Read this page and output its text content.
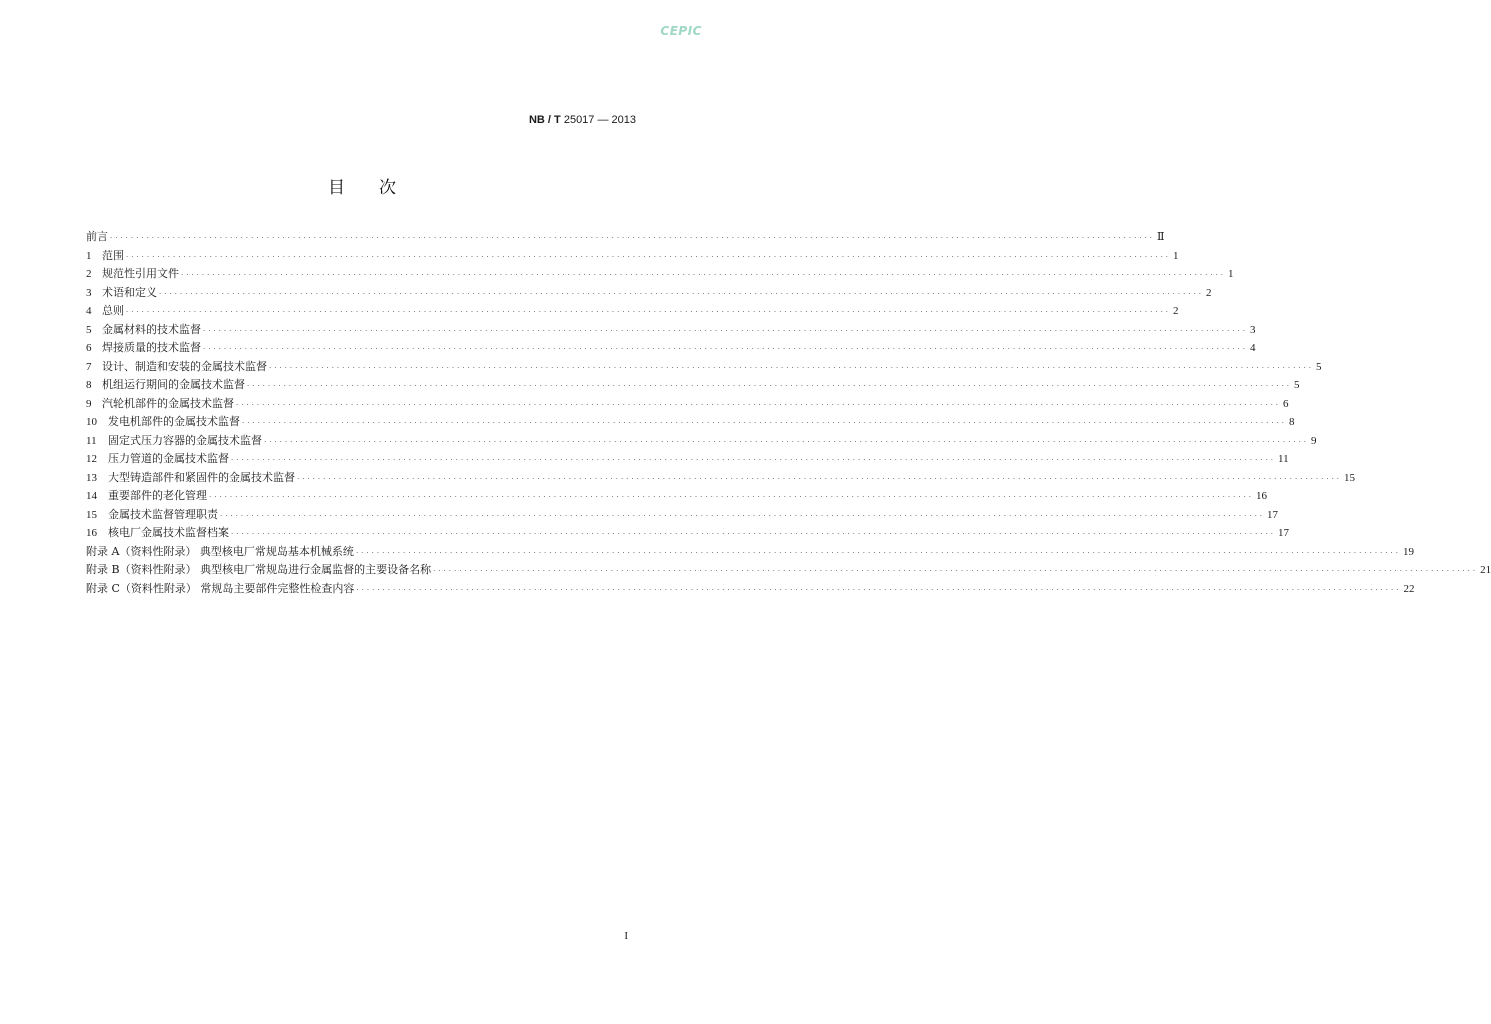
CEPIC
NB / T 25017 — 2013
目次
前言 ········································································································································································································ Ⅱ
1 范围 ········································································································································································································ 1
2 规范性引用文件 ········································································································································································································ 1
3 术语和定义 ········································································································································································································ 2
4 总则 ········································································································································································································ 2
5 金属材料的技术监督 ········································································································································································································ 3
6 焊接质量的技术监督 ········································································································································································································ 4
7 设计、制造和安装的金属技术监督 ········································································································································································································ 5
8 机组运行期间的金属技术监督 ········································································································································································································ 5
9 汽轮机部件的金属技术监督 ········································································································································································································ 6
10	发电机部件的金属技术监督 ········································································································································································································ 8
11	固定式压力容器的金属技术监督 ········································································································································································································ 9
12	压力管道的金属技术监督 ········································································································································································································ 11
13	大型铸造部件和紧固件的金属技术监督 ········································································································································································································ 15
14	重要部件的老化管理 ········································································································································································································ 16
15	金属技术监督管理职责 ········································································································································································································ 17
16	核电厂金属技术监督档案 ········································································································································································································ 17
附录 A（资料性附录） 典型核电厂常规岛基本机械系统 ········································································································································································································ 19
附录 B（资料性附录） 典型核电厂常规岛进行金属监督的主要设备名称 ········································································································································································································ 21
附录 C（资料性附录） 常规岛主要部件完整性检查内容 ········································································································································································································ 22
I
